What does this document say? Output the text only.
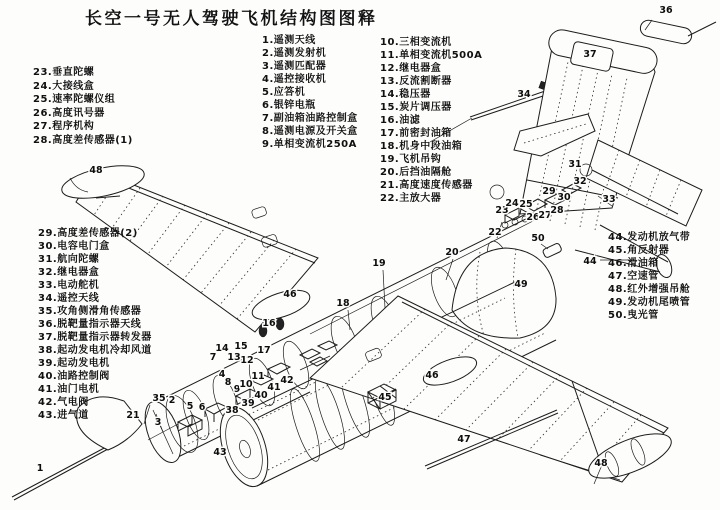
长空一号无人驾驶飞机结构图图释
1.遥测天线
2.遥测发射机
3.遥测匹配器
4.遥控接收机
5.应答机
6.银锌电瓶
7.副油箱油路控制盒
8.遥测电源及开关盒
9.单相变流机250A
10.三相变流机
11.单相变流机500A
12.继电器盒
13.反流割断器
14.稳压器
15.炭片调压器
16.油滤
17.前密封油箱
18.机身中段油箱
19.飞机吊钩
20.后挡油隔舱
21.高度速度传感器
22.主放大器
23.垂直陀螺
24.大接线盒
25.速率陀螺仪组
26.高度讯号器
27.程序机构
28.高度差传感器(1)
29.高度差传感器(2)
30.电容电门盒
31.航向陀螺
32.继电器盒
33.电动舵机
34.遥控天线
35.攻角侧滑角传感器
36.脱靶量指示器天线
37.脱靶量指示器转发器
38.起动发电机冷却风道
39.起动发电机
40.油路控制阀
41.油门电机
42.气电阀
43.进气道
44.发动机放气带
45.角反射器
46.滑油箱
47.空速管
48.红外增强吊舱
49.发动机尾喷管
50.曳光管
1
2
3
4
5 6
7
8
9 10
11
12
13
14 15
16
17
18
19
20
21
22
23
24 25
26
27
28
29
30
31
32
33
34
35
36
37
38
39
40
41
42
43
44
45
46
46
47
48
48
49
50
